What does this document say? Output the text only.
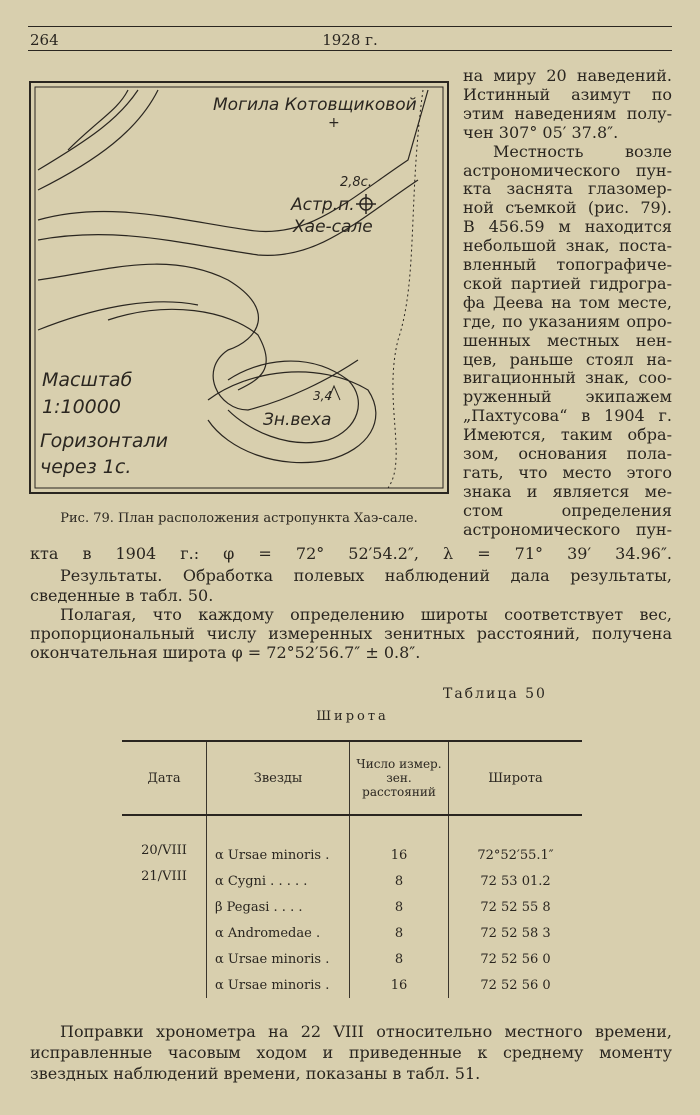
264	1928 г.
Могила Котовщиковой
+
2,8с.
Астр.п.
Хае-сале
Масштаб
1:10000
Горизонтали
через 1с.
3,4
Зн.веха
Рис. 79. План расположения астропункта Хаэ-сале.
на миру 20 наведений.
Истинный азимут по
этим наведениям полу-
чен 307° 05′ 37.8″.
Местность возле
астрономического пун-
кта заснята глазомер-
ной съемкой (рис. 79).
В 456.59 м находится
небольшой знак, поста-
вленный топографиче-
ской партией гидрогра-
фа Деева на том месте,
где, по указаниям опро-
шенных местных нен-
цев, раньше стоял на-
вигационный знак, соо-
руженный экипажем
„Пахтусова“ в 1904 г.
Имеются, таким обра-
зом, основания пола-
гать, что место этого
знака и является ме-
стом определения
астрономического пун-
кта в 1904 г.: φ = 72° 52′54.2″, λ = 71° 39′ 34.96″.
Результаты. Обработка полевых наблюдений дала результаты,
сведенные в табл. 50.
Полагая, что каждому определению широты соответствует вес,
пропорциональный числу измеренных зенитных расстояний, получена
окончательная широта φ = 72°52′56.7″ ± 0.8″.
Таблица 50
Широта
Дата	Звезды	Число измер. зен. расстояний	Широта

20/VIII	α Ursae minoris .	16	72°52′55.1″
21/VIII	α Cygni . . . . .	8	72 53 01.2
	β Pegasi . . . .	8	72 52 55 8
	α Andromedae .	8	72 52 58 3
	α Ursae minoris .	8	72 52 56 0
	α Ursae minoris .	16	72 52 56 0
Поправки хронометра на 22 VIII относительно местного времени,
исправленные часовым ходом и приведенные к среднему моменту
звездных наблюдений времени, показаны в табл. 51.
